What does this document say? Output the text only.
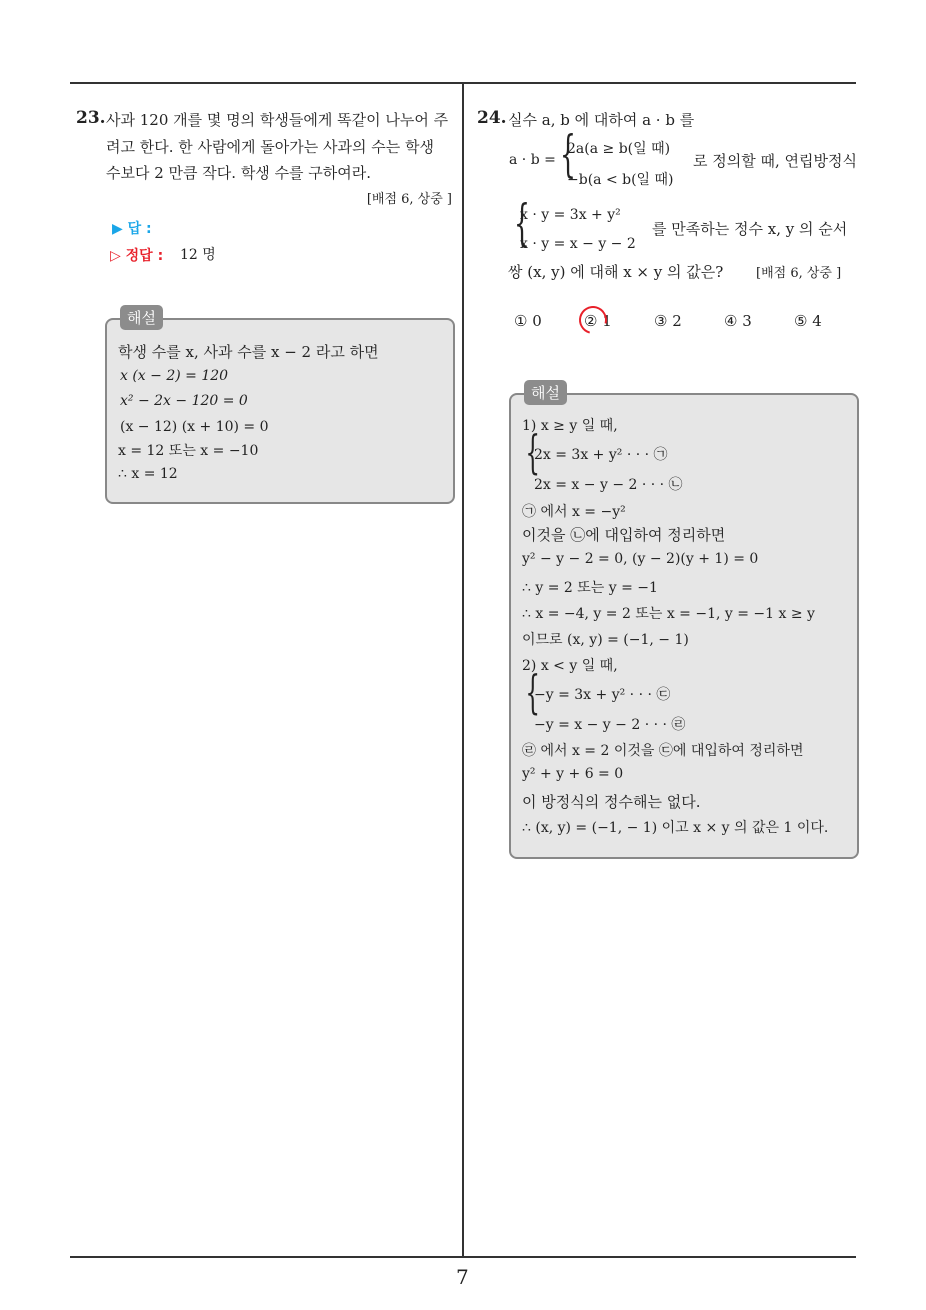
23. 사과 120 개를 몇 명의 학생들에게 똑같이 나누어 주
려고 한다. 한 사람에게 돌아가는 사과의 수는 학생
수보다 2 만큼 작다. 학생 수를 구하여라.
[배점 6, 상중 ]
▶ 답 :
▷ 정답 : 12 명
해설
학생 수를 x, 사과 수를 x − 2 라고 하면
x (x − 2) = 120
x² − 2x − 120 = 0
(x − 12) (x + 10) = 0
x = 12 또는 x = −10
∴ x = 12
24. 실수 a, b 에 대하여 a · b 를
a · b = {
2a(a ≥ b(일 때)
−b(a < b(일 때)
로 정의할 때, 연립방정식
{
x · y = 3x + y²
x · y = x − y − 2
를 만족하는 정수 x, y 의 순서
쌍 (x, y) 에 대해 x × y 의 값은?	[배점 6, 상중 ]
① 0	② 1	③ 2	④ 3	⑤ 4
해설
1) x ≥ y 일 때,
{
2x = 3x + y² · · · ㉠
2x = x − y − 2 · · · ㉡
㉠ 에서 x = −y²
이것을 ㉡에 대입하여 정리하면
y² − y − 2 = 0, (y − 2)(y + 1) = 0
∴ y = 2 또는 y = −1
∴ x = −4, y = 2 또는 x = −1, y = −1 x ≥ y
이므로 (x, y) = (−1, − 1)
2) x < y 일 때,
{
−y = 3x + y² · · · ㉢
−y = x − y − 2 · · · ㉣
㉣ 에서 x = 2 이것을 ㉢에 대입하여 정리하면
y² + y + 6 = 0
이 방정식의 정수해는 없다.
∴ (x, y) = (−1, − 1) 이고 x × y 의 값은 1 이다.
7
